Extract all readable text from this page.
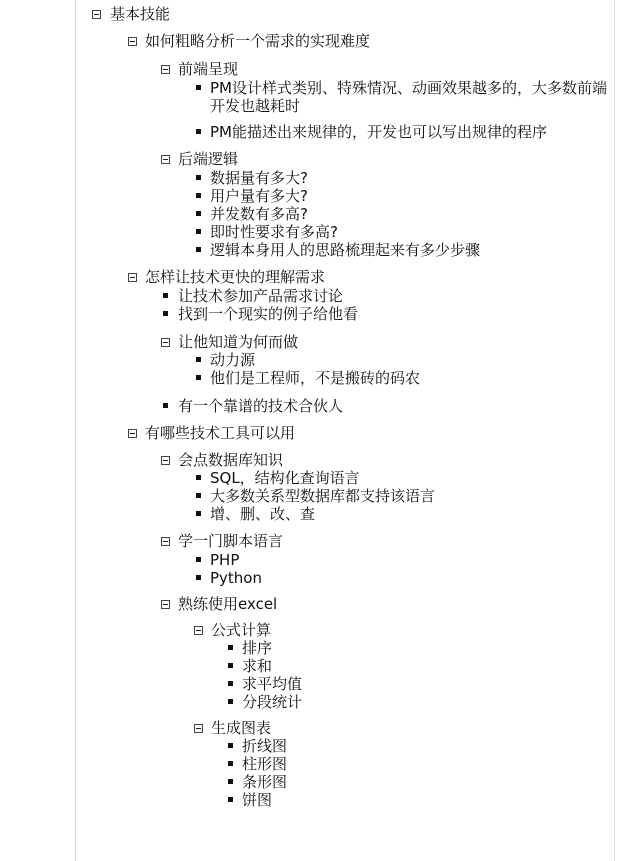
基本技能
如何粗略分析一个需求的实现难度
前端呈现
PM设计样式类别、特殊情况、动画效果越多的，大多数前端开发也越耗时
PM能描述出来规律的，开发也可以写出规律的程序
后端逻辑
数据量有多大?
用户量有多大?
并发数有多高?
即时性要求有多高?
逻辑本身用人的思路梳理起来有多少步骤
怎样让技术更快的理解需求
让技术参加产品需求讨论
找到一个现实的例子给他看
让他知道为何而做
动力源
他们是工程师，不是搬砖的码农
有一个靠谱的技术合伙人
有哪些技术工具可以用
会点数据库知识
SQL，结构化查询语言
大多数关系型数据库都支持该语言
增、删、改、查
学一门脚本语言
PHP
Python
熟练使用excel
公式计算
排序
求和
求平均值
分段统计
生成图表
折线图
柱形图
条形图
饼图
